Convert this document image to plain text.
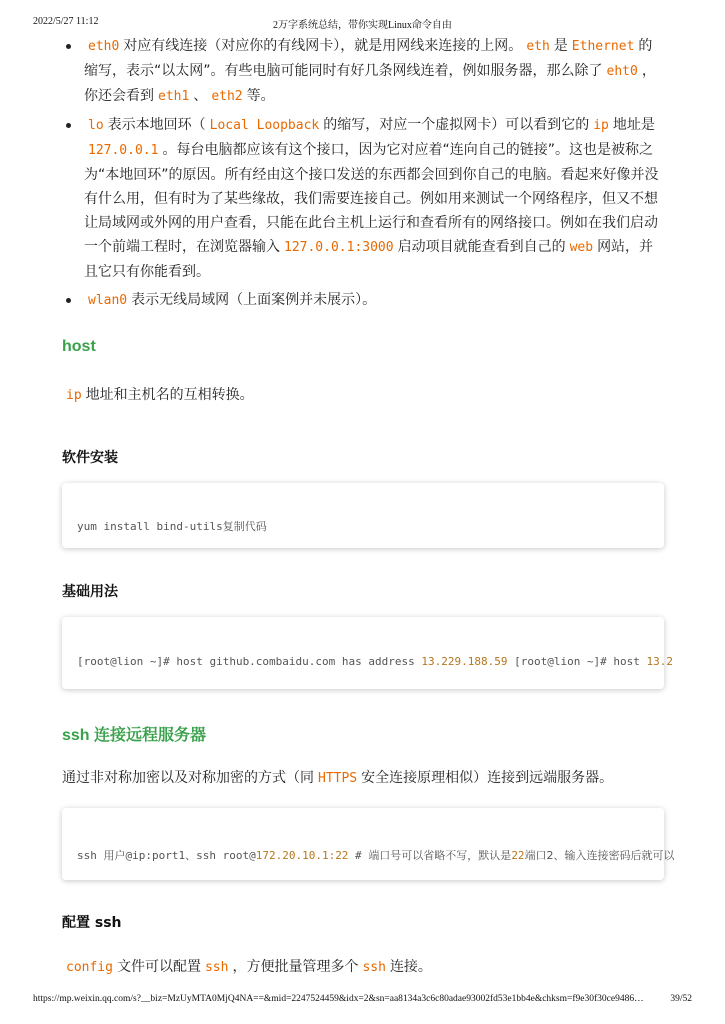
2022/5/27 11:12	2万字系统总结，带你实现Linux命令自由
eth0 对应有线连接（对应你的有线网卡），就是用网线来连接的上网。 eth 是 Ethernet 的缩写，表示“以太网”。有些电脑可能同时有好几条网线连着，例如服务器，那么除了 eht0 ，你还会看到 eth1 、 eth2 等。
lo 表示本地回环（ Local Loopback 的缩写，对应一个虚拟网卡）可以看到它的 ip 地址是127.0.0.1 。每台电脑都应该有这个接口，因为它对应着“连向自己的链接”。这也是被称之为“本地回环”的原因。所有经由这个接口发送的东西都会回到你自己的电脑。看起来好像并没有什么用，但有时为了某些缘故，我们需要连接自己。例如用来测试一个网络程序，但又不想让局域网或外网的用户查看，只能在此台主机上运行和查看所有的网络接口。例如在我们启动一个前端工程时，在浏览器输入 127.0.0.1:3000 启动项目就能查看到自己的 web 网站，并且它只有你能看到。
wlan0 表示无线局域网（上面案例并未展示）。
host
ip 地址和主机名的互相转换。
软件安装
yum install bind-utils复制代码
基础用法
[root@lion ~]# host github.combaidu.com has address 13.229.188.59 [root@lion ~]# host 13.2
ssh 连接远程服务器
通过非对称加密以及对称加密的方式（同 HTTPS 安全连接原理相似）连接到远端服务器。
ssh 用户@ip:port1、ssh root@172.20.10.1:22 # 端口号可以省略不写，默认是22端口2、输入连接密码后就可以
配置 ssh
config 文件可以配置 ssh ，方便批量管理多个 ssh 连接。
https://mp.weixin.qq.com/s?__biz=MzUyMTA0MjQ4NA==&mid=2247524459&idx=2&sn=aa8134a3c6c80adae93002fd53e1bb4e&chksm=f9e30f30ce9486…	39/52
